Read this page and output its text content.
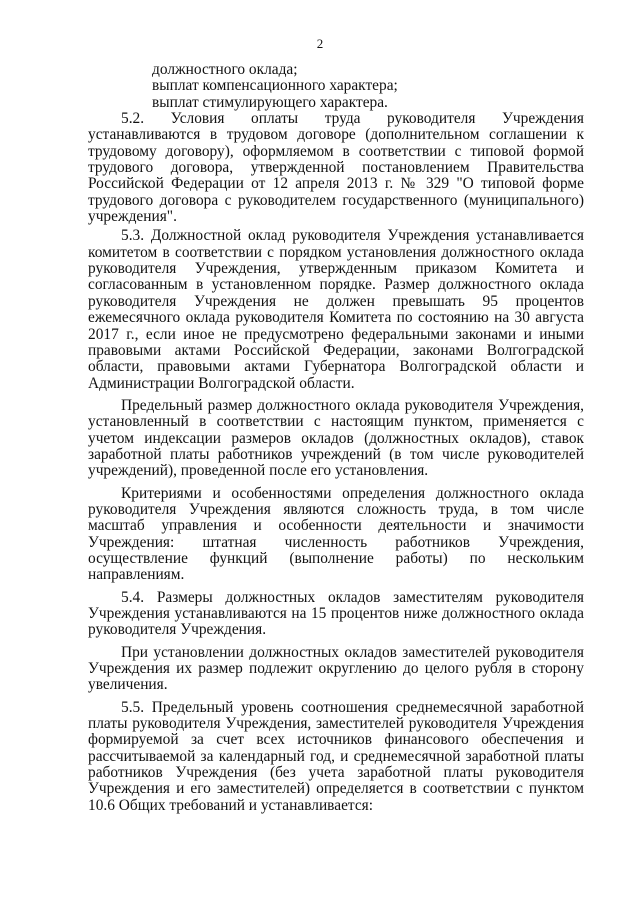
2

должностного оклада;

выплат компенсационного характера;

выплат стимулирующего характера.

5.2. Условия оплаты труда руководителя Учреждения устанавливаются в трудовом договоре (дополнительном соглашении к трудовому договору), оформляемом в соответствии с типовой формой трудового договора, утвержденной постановлением Правительства Российской Федерации от 12 апреля 2013 г. № 329 "О типовой форме трудового договора с руководителем государственного (муниципального) учреждения".

5.3. Должностной оклад руководителя Учреждения устанавливается комитетом в соответствии с порядком установления должностного оклада руководителя Учреждения, утвержденным приказом Комитета и согласованным в установленном порядке. Размер должностного оклада руководителя Учреждения не должен превышать 95 процентов ежемесячного оклада руководителя Комитета по состоянию на 30 августа 2017 г., если иное не предусмотрено федеральными законами и иными правовыми актами Российской Федерации, законами Волгоградской области, правовыми актами Губернатора Волгоградской области и Администрации Волгоградской области.

Предельный размер должностного оклада руководителя Учреждения, установленный в соответствии с настоящим пунктом, применяется с учетом индексации размеров окладов (должностных окладов), ставок заработной платы работников учреждений (в том числе руководителей учреждений), проведенной после его установления.

Критериями и особенностями определения должностного оклада руководителя Учреждения являются сложность труда, в том числе масштаб управления и особенности деятельности и значимости Учреждения: штатная численность работников Учреждения, осуществление функций (выполнение работы) по нескольким направлениям.

5.4. Размеры должностных окладов заместителям руководителя Учреждения устанавливаются на 15 процентов ниже должностного оклада руководителя Учреждения.

При установлении должностных окладов заместителей руководителя Учреждения их размер подлежит округлению до целого рубля в сторону увеличения.

5.5. Предельный уровень соотношения среднемесячной заработной платы руководителя Учреждения, заместителей руководителя Учреждения формируемой за счет всех источников финансового обеспечения и рассчитываемой за календарный год, и среднемесячной заработной платы работников Учреждения (без учета заработной платы руководителя Учреждения и его заместителей) определяется в соответствии с пунктом 10.6 Общих требований и устанавливается:
